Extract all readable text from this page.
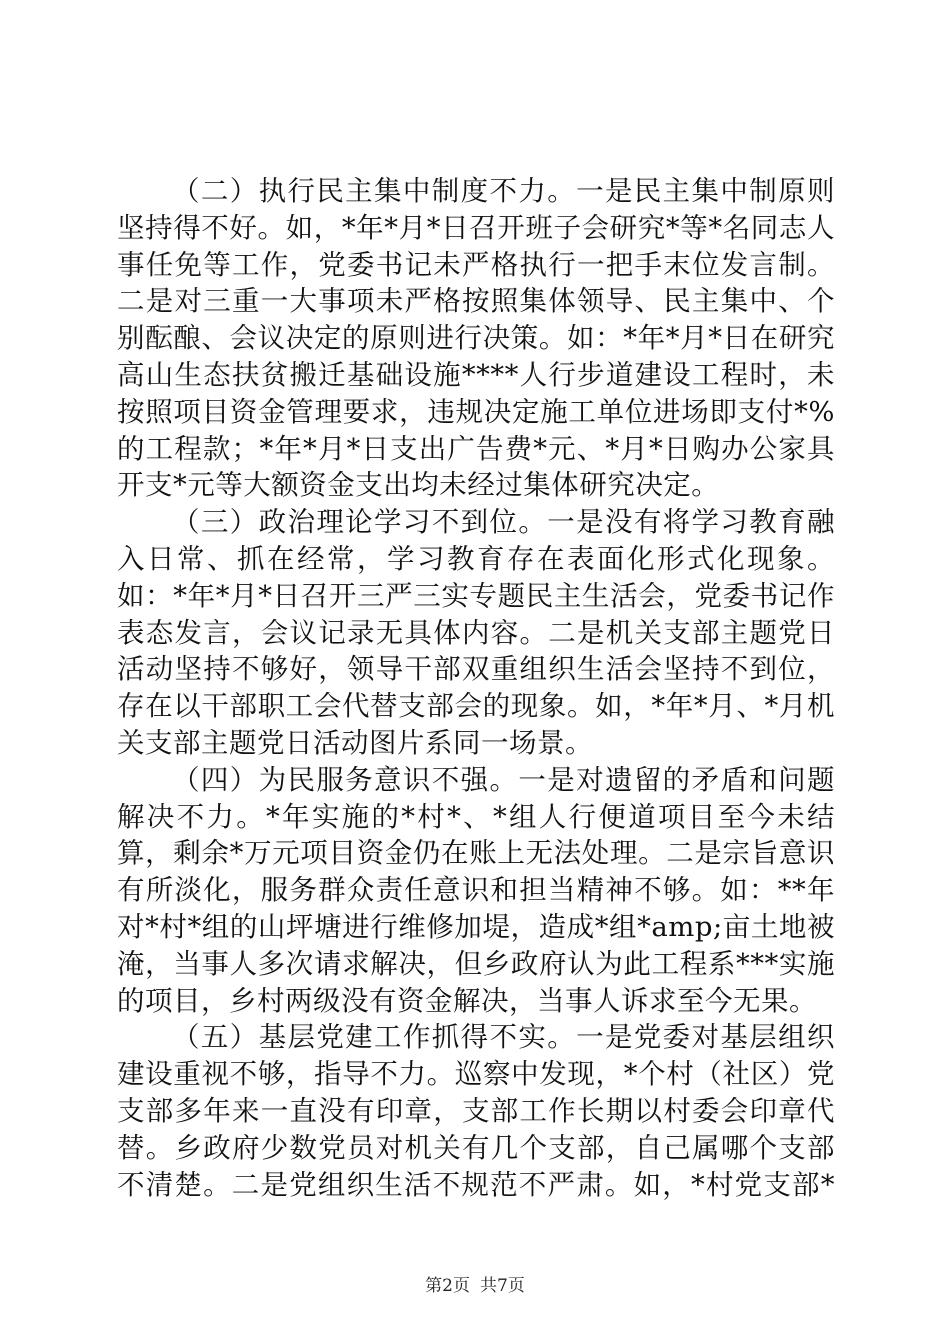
（二）执行民主集中制度不力。一是民主集中制原则坚持得不好。如，*年*月*日召开班子会研究*等*名同志人事任免等工作，党委书记未严格执行一把手末位发言制。二是对三重一大事项未严格按照集体领导、民主集中、个别酝酿、会议决定的原则进行决策。如：*年*月*日在研究高山生态扶贫搬迁基础设施****人行步道建设工程时，未按照项目资金管理要求，违规决定施工单位进场即支付*%的工程款；*年*月*日支出广告费*元、*月*日购办公家具开支*元等大额资金支出均未经过集体研究决定。

（三）政治理论学习不到位。一是没有将学习教育融入日常、抓在经常，学习教育存在表面化形式化现象。如：*年*月*日召开三严三实专题民主生活会，党委书记作表态发言，会议记录无具体内容。二是机关支部主题党日活动坚持不够好，领导干部双重组织生活会坚持不到位，存在以干部职工会代替支部会的现象。如，*年*月、*月机关支部主题党日活动图片系同一场景。

（四）为民服务意识不强。一是对遗留的矛盾和问题解决不力。*年实施的*村*、*组人行便道项目至今未结算，剩余*万元项目资金仍在账上无法处理。二是宗旨意识有所淡化，服务群众责任意识和担当精神不够。如：**年对*村*组的山坪塘进行维修加堤，造成*组*amp;亩土地被淹，当事人多次请求解决，但乡政府认为此工程系***实施的项目，乡村两级没有资金解决，当事人诉求至今无果。

（五）基层党建工作抓得不实。一是党委对基层组织建设重视不够，指导不力。巡察中发现，*个村（社区）党支部多年来一直没有印章，支部工作长期以村委会印章代替。乡政府少数党员对机关有几个支部，自己属哪个支部不清楚。二是党组织生活不规范不严肃。如，*村党支部*

第2页 共7页
